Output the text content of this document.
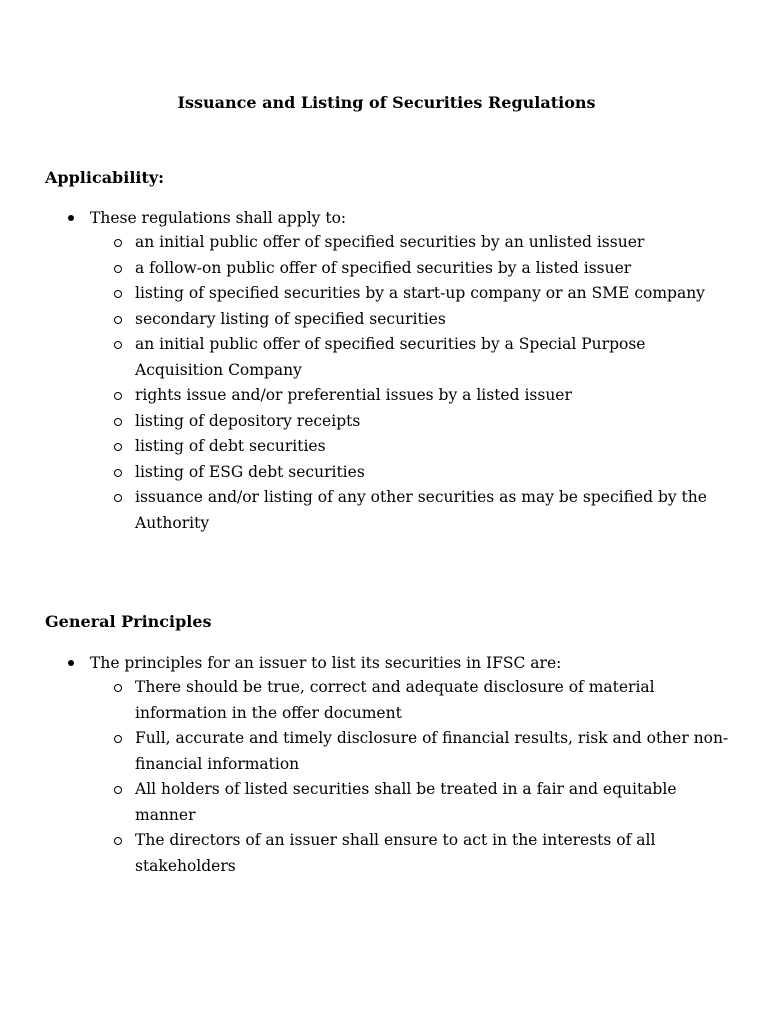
Issuance and Listing of Securities Regulations
Applicability:
These regulations shall apply to:
an initial public offer of specified securities by an unlisted issuer
a follow-on public offer of specified securities by a listed issuer
listing of specified securities by a start-up company or an SME company
secondary listing of specified securities
an initial public offer of specified securities by a Special Purpose Acquisition Company
rights issue and/or preferential issues by a listed issuer
listing of depository receipts
listing of debt securities
listing of ESG debt securities
issuance and/or listing of any other securities as may be specified by the Authority
General Principles
The principles for an issuer to list its securities in IFSC are:
There should be true, correct and adequate disclosure of material information in the offer document
Full, accurate and timely disclosure of financial results, risk and other non-financial information
All holders of listed securities shall be treated in a fair and equitable manner
The directors of an issuer shall ensure to act in the interests of all stakeholders
